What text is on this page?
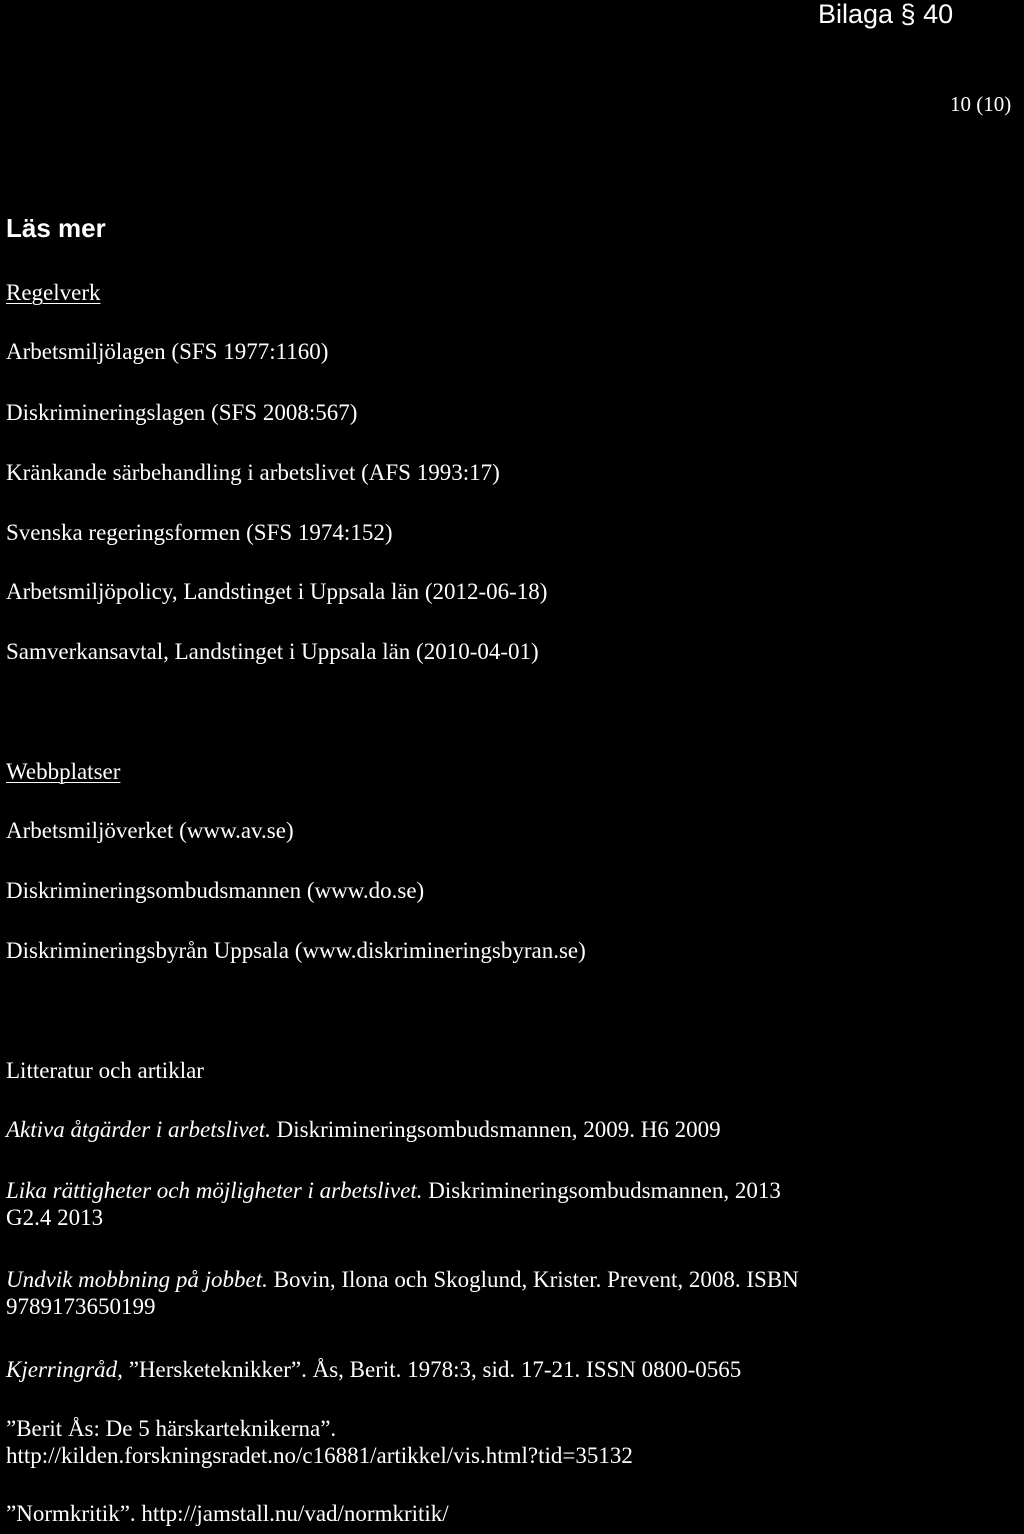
Bilaga § 40
10 (10)
Läs mer
Regelverk
Arbetsmiljölagen (SFS 1977:1160)
Diskrimineringslagen (SFS 2008:567)
Kränkande särbehandling i arbetslivet (AFS 1993:17)
Svenska regeringsformen (SFS 1974:152)
Arbetsmiljöpolicy, Landstinget i Uppsala län (2012-06-18)
Samverkansavtal, Landstinget i Uppsala län (2010-04-01)
Webbplatser
Arbetsmiljöverket (www.av.se)
Diskrimineringsombudsmannen (www.do.se)
Diskrimineringsbyrån Uppsala (www.diskrimineringsbyran.se)
Litteratur och artiklar
Aktiva åtgärder i arbetslivet. Diskrimineringsombudsmannen, 2009. H6 2009
Lika rättigheter och möjligheter i arbetslivet. Diskrimineringsombudsmannen, 2013
G2.4 2013
Undvik mobbning på jobbet. Bovin, Ilona och Skoglund, Krister. Prevent, 2008. ISBN
9789173650199
Kjerringråd, ”Hersketeknikker”. Ås, Berit. 1978:3, sid. 17-21. ISSN 0800-0565
”Berit Ås: De 5 härskarteknikerna”.
http://kilden.forskningsradet.no/c16881/artikkel/vis.html?tid=35132
”Normkritik”. http://jamstall.nu/vad/normkritik/
